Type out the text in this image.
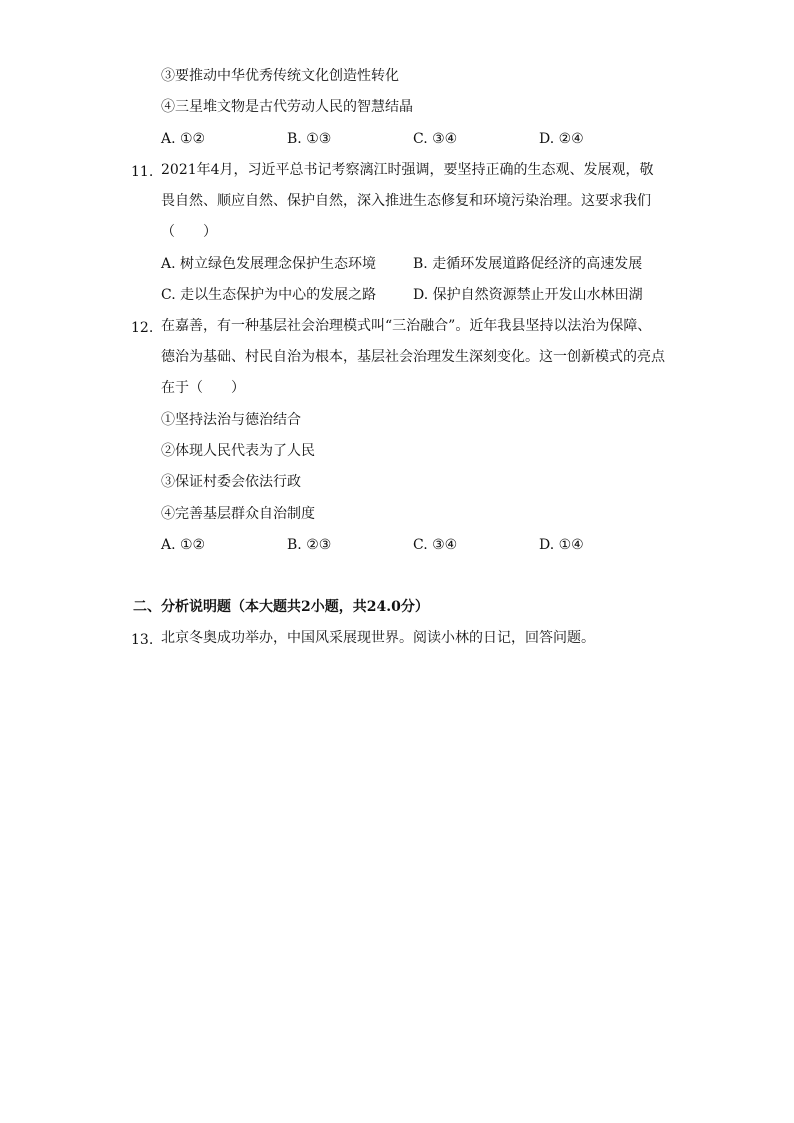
③要推动中华优秀传统文化创造性转化
④三星堆文物是古代劳动人民的智慧结晶
A. ①②	B. ①③	C. ③④	D. ②④
11. 2021年4月，习近平总书记考察漓江时强调，要坚持正确的生态观、发展观，敬
畏自然、顺应自然、保护自然，深入推进生态修复和环境污染治理。这要求我们
（　　）
A. 树立绿色发展理念保护生态环境	B. 走循环发展道路促经济的高速发展
C. 走以生态保护为中心的发展之路	D. 保护自然资源禁止开发山水林田湖
12. 在嘉善，有一种基层社会治理模式叫“三治融合”。近年我县坚持以法治为保障、
德治为基础、村民自治为根本，基层社会治理发生深刻变化。这一创新模式的亮点
在于（　　）
①坚持法治与德治结合
②体现人民代表为了人民
③保证村委会依法行政
④完善基层群众自治制度
A. ①②	B. ②③	C. ③④	D. ①④
二、分析说明题（本大题共2小题，共24.0分）
13. 北京冬奥成功举办，中国风采展现世界。阅读小林的日记，回答问题。
